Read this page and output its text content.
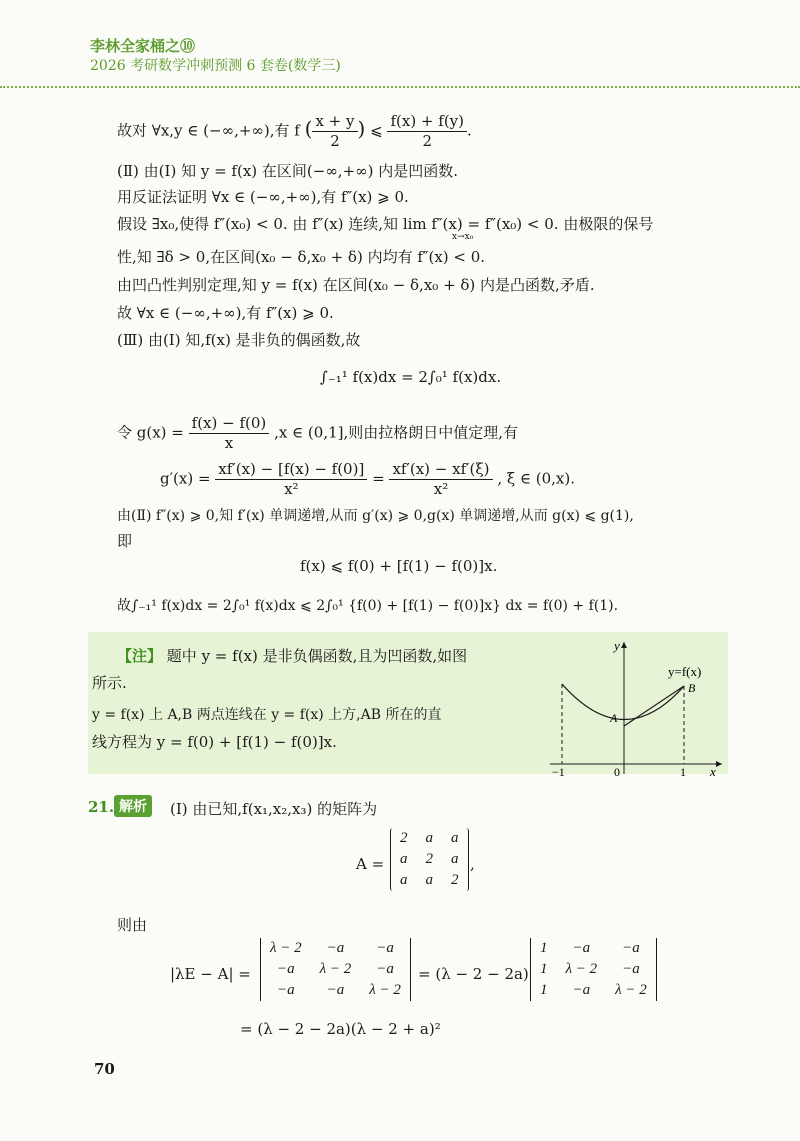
李林全家桶之⑩
2026 考研数学冲刺预测 6 套卷(数学三)
故对 ∀x,y ∈ (−∞,+∞),有 f ( $\frac{x + y}{2}$ ) ⩽ $\frac{f(x) + f(y)}{2}$ .
(Ⅱ) 由(Ⅰ) 知 y = f(x) 在区间(−∞,+∞) 内是凹函数.
用反证法证明 ∀x ∈ (−∞,+∞),有 f″(x) ⩾ 0.
假设 ∃x₀,使得 f″(x₀) < 0. 由 f″(x) 连续,知 lim f″(x) = f″(x₀) < 0. 由极限的保号
x→x₀
性,知 ∃δ > 0,在区间(x₀ − δ,x₀ + δ) 内均有 f″(x) < 0.
由凹凸性判别定理,知 y = f(x) 在区间(x₀ − δ,x₀ + δ) 内是凸函数,矛盾.
故 ∀x ∈ (−∞,+∞),有 f″(x) ⩾ 0.
(Ⅲ) 由(Ⅰ) 知,f(x) 是非负的偶函数,故
∫₋₁¹ f(x)dx = 2∫₀¹ f(x)dx.
令 $g(x) = \frac{f(x) - f(0)}{x} ,x$ ∈ (0,1],则由拉格朗日中值定理,有
$g'(x) = \frac{xf'(x) - [f(x) - f(0)]}{\text{x²}} = \frac{xf'(x) - xf'(\xi)}{\text{x²}}$ , ξ ∈ (0,x).
由(Ⅱ) f″(x) ⩾ 0,知 f′(x) 单调递增,从而 g′(x) ⩾ 0,g(x) 单调递增,从而 g(x) ⩽ g(1),
即
f(x) ⩽ f(0) + [f(1) − f(0)]x.
故∫₋₁¹ f(x)dx = 2∫₀¹ f(x)dx ⩽ 2∫₀¹ {f(0) + [f(1) − f(0)]x} dx = f(0) + f(1).
【注】 题中 y = f(x) 是非负偶函数,且为凹函数,如图
所示.
y = f(x) 上 A,B 两点连线在 y = f(x) 上方,AB 所在的直
线方程为 y = f(0) + [f(1) − f(0)]x.
y
x
y=f(x)
A
B
−1	0	1
21. 解析	(Ⅰ) 由已知,f(x₁,x₂,x₃) 的矩阵为
A =
2	a	a
a	2	a
a	a	2
,
则由
|λE − A| =
λ − 2	−a	−a
−a	λ − 2	−a
−a	−a	λ − 2
= (λ − 2 − 2a)
1	−a	−a
1	λ − 2	−a
1	−a	λ − 2
= (λ − 2 − 2a)(λ − 2 + a)²
70
